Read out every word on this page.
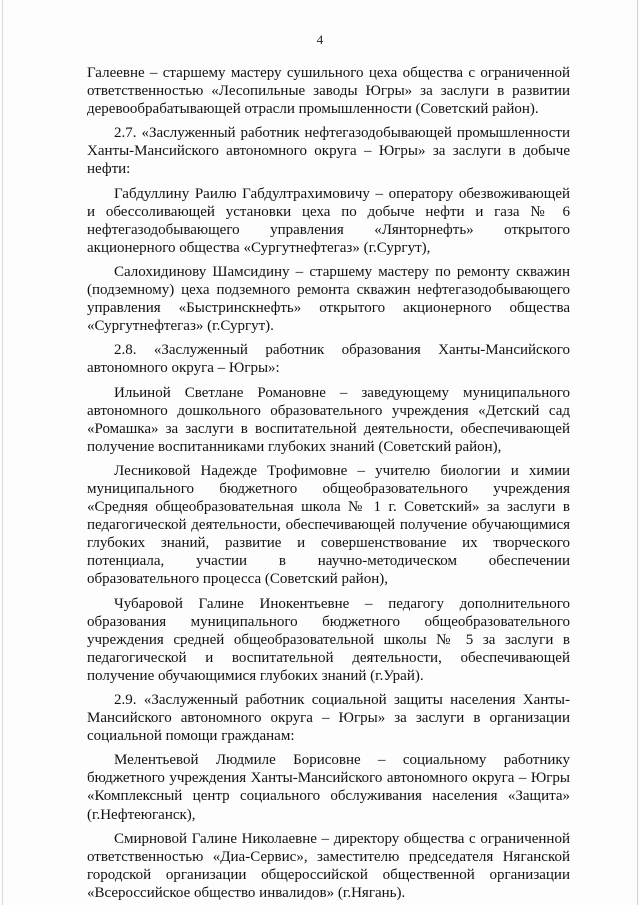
4

Галеевне – старшему мастеру сушильного цеха общества с ограниченной ответственностью «Лесопильные заводы Югры» за заслуги в развитии деревообрабатывающей отрасли промышленности (Советский район).

2.7. «Заслуженный работник нефтегазодобывающей промышленности Ханты-Мансийского автономного округа – Югры» за заслуги в добыче нефти:

Габдуллину Раилю Габдултрахимовичу – оператору обезвоживающей и обессоливающей установки цеха по добыче нефти и газа № 6 нефтегазодобывающего управления «Лянторнефть» открытого акционерного общества «Сургутнефтегаз» (г.Сургут),

Салохидинову Шамсидину – старшему мастеру по ремонту скважин (подземному) цеха подземного ремонта скважин нефтегазодобывающего управления «Быстринскнефть» открытого акционерного общества «Сургутнефтегаз» (г.Сургут).

2.8. «Заслуженный работник образования Ханты-Мансийского автономного округа – Югры»:

Ильиной Светлане Романовне – заведующему муниципального автономного дошкольного образовательного учреждения «Детский сад «Ромашка» за заслуги в воспитательной деятельности, обеспечивающей получение воспитанниками глубоких знаний (Советский район),

Лесниковой Надежде Трофимовне – учителю биологии и химии муниципального бюджетного общеобразовательного учреждения «Средняя общеобразовательная школа № 1 г. Советский» за заслуги в педагогической деятельности, обеспечивающей получение обучающимися глубоких знаний, развитие и совершенствование их творческого потенциала, участии в научно-методическом обеспечении образовательного процесса (Советский район),

Чубаровой Галине Инокентьевне – педагогу дополнительного образования муниципального бюджетного общеобразовательного учреждения средней общеобразовательной школы № 5 за заслуги в педагогической и воспитательной деятельности, обеспечивающей получение обучающимися глубоких знаний (г.Урай).

2.9. «Заслуженный работник социальной защиты населения Ханты-Мансийского автономного округа – Югры» за заслуги в организации социальной помощи гражданам:

Мелентьевой Людмиле Борисовне – социальному работнику бюджетного учреждения Ханты-Мансийского автономного округа – Югры «Комплексный центр социального обслуживания населения «Защита» (г.Нефтеюганск),

Смирновой Галине Николаевне – директору общества с ограниченной ответственностью «Диа-Сервис», заместителю председателя Няганской городской организации общероссийской общественной организации «Всероссийское общество инвалидов» (г.Нягань).
